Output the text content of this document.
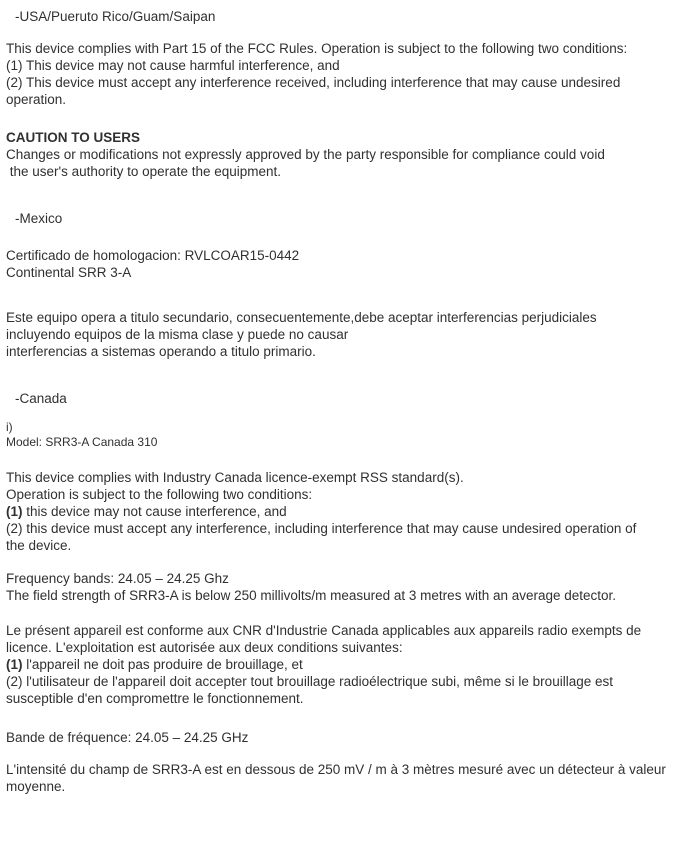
-USA/Pueruto Rico/Guam/Saipan
This device complies with Part 15 of the FCC Rules. Operation is subject to the following two conditions:
(1) This device may not cause harmful interference, and
(2) This device must accept any interference received, including interference that may cause undesired operation.
CAUTION TO USERS
Changes or modifications not expressly approved by the party responsible for compliance could void
the user's authority to operate the equipment.
-Mexico
Certificado de homologacion: RVLCOAR15-0442
Continental SRR 3-A
Este equipo opera a titulo secundario, consecuentemente,debe aceptar interferencias perjudiciales
incluyendo equipos de la misma clase y puede no causar
interferencias a sistemas operando a titulo primario.
-Canada
i)
Model: SRR3-A Canada 310
This device complies with Industry Canada licence-exempt RSS standard(s).
Operation is subject to the following two conditions:
(1) this device may not cause interference, and
(2) this device must accept any interference, including interference that may cause undesired operation of
the device.
Frequency bands: 24.05 – 24.25 Ghz
The field strength of SRR3-A is below 250 millivolts/m measured at 3 metres with an average detector.
Le présent appareil est conforme aux CNR d'Industrie Canada applicables aux appareils radio exempts de
licence. L'exploitation est autorisée aux deux conditions suivantes:
(1) l'appareil ne doit pas produire de brouillage, et
(2) l'utilisateur de l'appareil doit accepter tout brouillage radioélectrique subi, même si le brouillage est
susceptible d'en compromettre le fonctionnement.
Bande de fréquence: 24.05 – 24.25 GHz
L'intensité du champ de SRR3-A est en dessous de 250 mV / m à 3 mètres mesuré avec un détecteur à valeur
moyenne.
